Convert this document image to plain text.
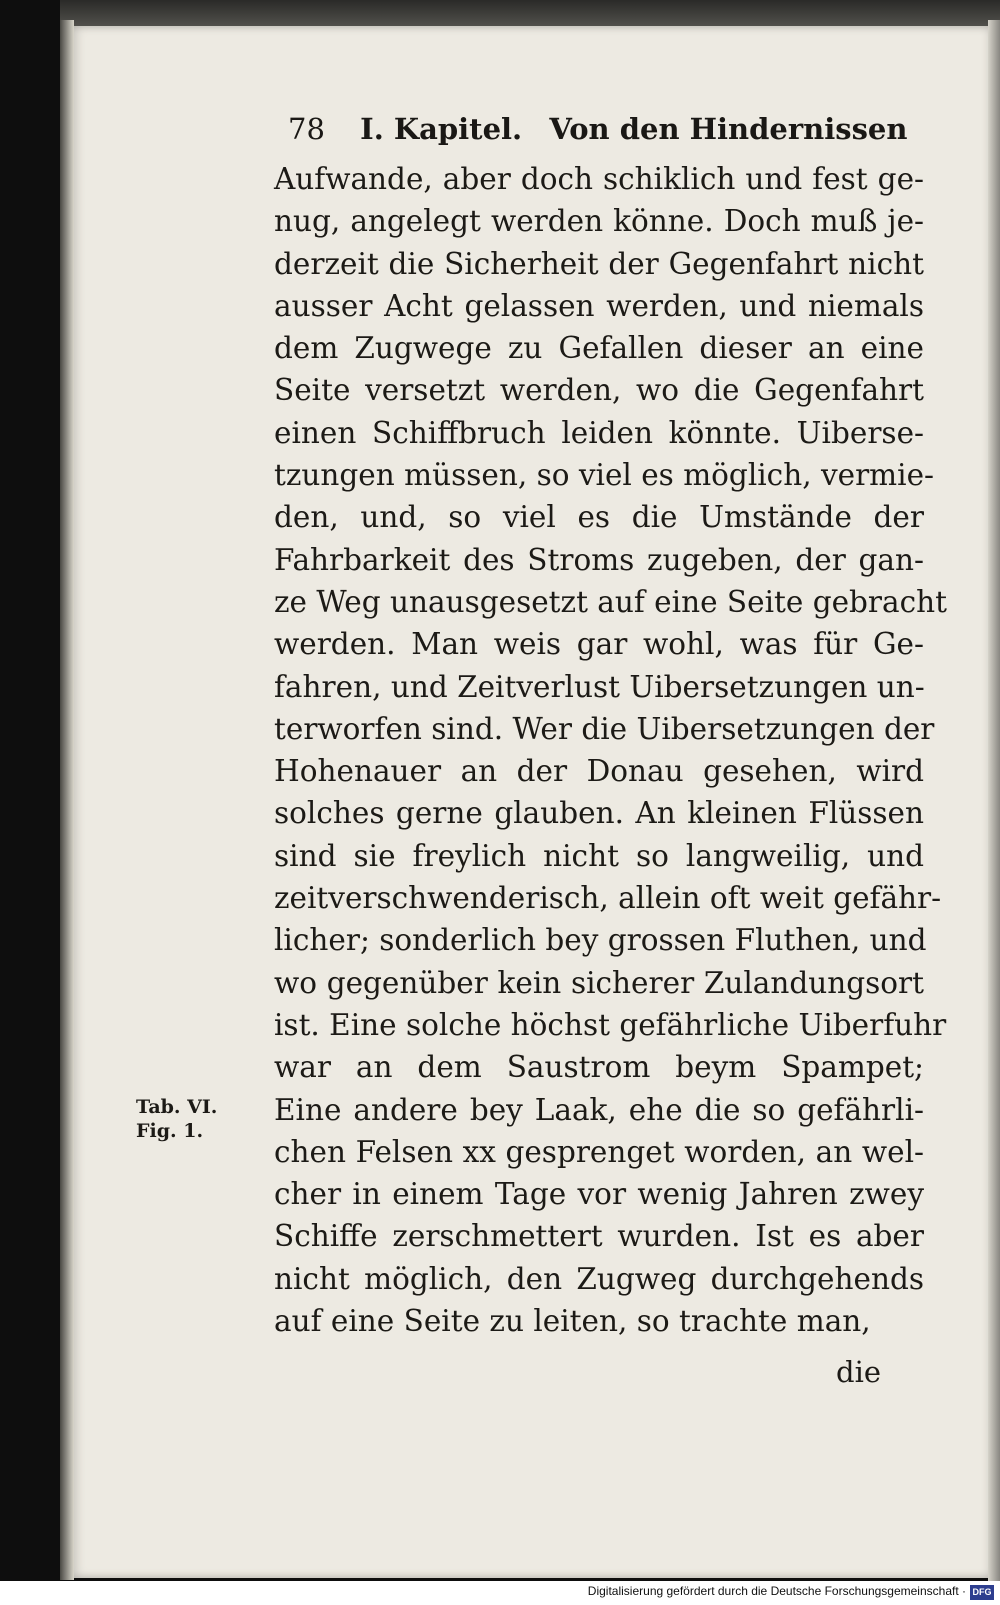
78 I. Kapitel. Von den Hindernissen
Tab. VI.
Fig. 1.
Aufwande, aber doch schiklich und fest ge-
nug, angelegt werden könne. Doch muß je-
derzeit die Sicherheit der Gegenfahrt nicht
ausser Acht gelassen werden, und niemals
dem Zugwege zu Gefallen dieser an eine
Seite versetzt werden, wo die Gegenfahrt
einen Schiffbruch leiden könnte. Uiberse-
tzungen müssen, so viel es möglich, vermie-
den, und, so viel es die Umstände der
Fahrbarkeit des Stroms zugeben, der gan-
ze Weg unausgesetzt auf eine Seite gebracht
werden. Man weis gar wohl, was für Ge-
fahren, und Zeitverlust Uibersetzungen un-
terworfen sind. Wer die Uibersetzungen der
Hohenauer an der Donau gesehen, wird
solches gerne glauben. An kleinen Flüssen
sind sie freylich nicht so langweilig, und
zeitverschwenderisch, allein oft weit gefähr-
licher; sonderlich bey grossen Fluthen, und
wo gegenüber kein sicherer Zulandungsort
ist. Eine solche höchst gefährliche Uiberfuhr
war an dem Saustrom beym Spampet;
Eine andere bey Laak, ehe die so gefährli-
chen Felsen xx gesprenget worden, an wel-
cher in einem Tage vor wenig Jahren zwey
Schiffe zerschmettert wurden. Ist es aber
nicht möglich, den Zugweg durchgehends
auf eine Seite zu leiten, so trachte man,
die
Digitalisierung gefördert durch die Deutsche Forschungsgemeinschaft · DFG
